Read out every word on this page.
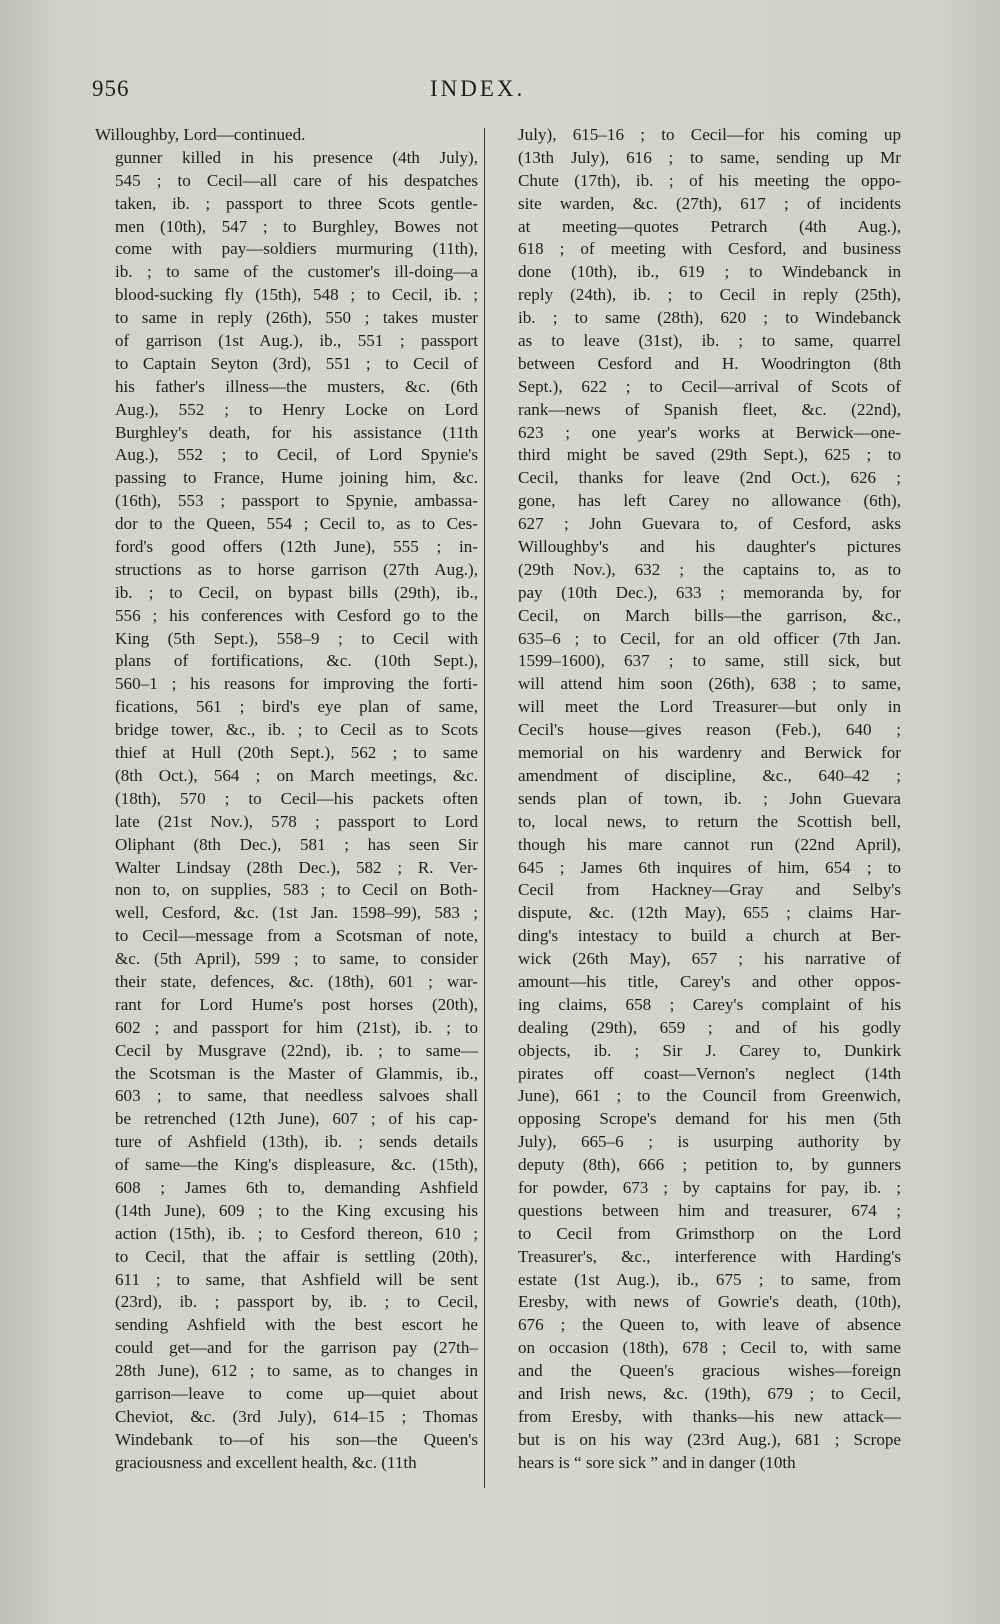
956	INDEX.
Willoughby, Lord—continued.
gunner killed in his presence (4th July),
545 ; to Cecil—all care of his despatches
taken, ib. ; passport to three Scots gentle-
men (10th), 547 ; to Burghley, Bowes not
come with pay—soldiers murmuring (11th),
ib. ; to same of the customer's ill-doing—a
blood-sucking fly (15th), 548 ; to Cecil, ib. ;
to same in reply (26th), 550 ; takes muster
of garrison (1st Aug.), ib., 551 ; passport
to Captain Seyton (3rd), 551 ; to Cecil of
his father's illness—the musters, &c. (6th
Aug.), 552 ; to Henry Locke on Lord
Burghley's death, for his assistance (11th
Aug.), 552 ; to Cecil, of Lord Spynie's
passing to France, Hume joining him, &c.
(16th), 553 ; passport to Spynie, ambassa-
dor to the Queen, 554 ; Cecil to, as to Ces-
ford's good offers (12th June), 555 ; in-
structions as to horse garrison (27th Aug.),
ib. ; to Cecil, on bypast bills (29th), ib.,
556 ; his conferences with Cesford go to the
King (5th Sept.), 558–9 ; to Cecil with
plans of fortifications, &c. (10th Sept.),
560–1 ; his reasons for improving the forti-
fications, 561 ; bird's eye plan of same,
bridge tower, &c., ib. ; to Cecil as to Scots
thief at Hull (20th Sept.), 562 ; to same
(8th Oct.), 564 ; on March meetings, &c.
(18th), 570 ; to Cecil—his packets often
late (21st Nov.), 578 ; passport to Lord
Oliphant (8th Dec.), 581 ; has seen Sir
Walter Lindsay (28th Dec.), 582 ; R. Ver-
non to, on supplies, 583 ; to Cecil on Both-
well, Cesford, &c. (1st Jan. 1598–99), 583 ;
to Cecil—message from a Scotsman of note,
&c. (5th April), 599 ; to same, to consider
their state, defences, &c. (18th), 601 ; war-
rant for Lord Hume's post horses (20th),
602 ; and passport for him (21st), ib. ; to
Cecil by Musgrave (22nd), ib. ; to same—
the Scotsman is the Master of Glammis, ib.,
603 ; to same, that needless salvoes shall
be retrenched (12th June), 607 ; of his cap-
ture of Ashfield (13th), ib. ; sends details
of same—the King's displeasure, &c. (15th),
608 ; James 6th to, demanding Ashfield
(14th June), 609 ; to the King excusing his
action (15th), ib. ; to Cesford thereon, 610 ;
to Cecil, that the affair is settling (20th),
611 ; to same, that Ashfield will be sent
(23rd), ib. ; passport by, ib. ; to Cecil,
sending Ashfield with the best escort he
could get—and for the garrison pay (27th–
28th June), 612 ; to same, as to changes in
garrison—leave to come up—quiet about
Cheviot, &c. (3rd July), 614–15 ; Thomas
Windebank to—of his son—the Queen's
graciousness and excellent health, &c. (11th
July), 615–16 ; to Cecil—for his coming up
(13th July), 616 ; to same, sending up Mr
Chute (17th), ib. ; of his meeting the oppo-
site warden, &c. (27th), 617 ; of incidents
at meeting—quotes Petrarch (4th Aug.),
618 ; of meeting with Cesford, and business
done (10th), ib., 619 ; to Windebanck in
reply (24th), ib. ; to Cecil in reply (25th),
ib. ; to same (28th), 620 ; to Windebanck
as to leave (31st), ib. ; to same, quarrel
between Cesford and H. Woodrington (8th
Sept.), 622 ; to Cecil—arrival of Scots of
rank—news of Spanish fleet, &c. (22nd),
623 ; one year's works at Berwick—one-
third might be saved (29th Sept.), 625 ; to
Cecil, thanks for leave (2nd Oct.), 626 ;
gone, has left Carey no allowance (6th),
627 ; John Guevara to, of Cesford, asks
Willoughby's and his daughter's pictures
(29th Nov.), 632 ; the captains to, as to
pay (10th Dec.), 633 ; memoranda by, for
Cecil, on March bills—the garrison, &c.,
635–6 ; to Cecil, for an old officer (7th Jan.
1599–1600), 637 ; to same, still sick, but
will attend him soon (26th), 638 ; to same,
will meet the Lord Treasurer—but only in
Cecil's house—gives reason (Feb.), 640 ;
memorial on his wardenry and Berwick for
amendment of discipline, &c., 640–42 ;
sends plan of town, ib. ; John Guevara
to, local news, to return the Scottish bell,
though his mare cannot run (22nd April),
645 ; James 6th inquires of him, 654 ; to
Cecil from Hackney—Gray and Selby's
dispute, &c. (12th May), 655 ; claims Har-
ding's intestacy to build a church at Ber-
wick (26th May), 657 ; his narrative of
amount—his title, Carey's and other oppos-
ing claims, 658 ; Carey's complaint of his
dealing (29th), 659 ; and of his godly
objects, ib. ; Sir J. Carey to, Dunkirk
pirates off coast—Vernon's neglect (14th
June), 661 ; to the Council from Greenwich,
opposing Scrope's demand for his men (5th
July), 665–6 ; is usurping authority by
deputy (8th), 666 ; petition to, by gunners
for powder, 673 ; by captains for pay, ib. ;
questions between him and treasurer, 674 ;
to Cecil from Grimsthorp on the Lord
Treasurer's, &c., interference with Harding's
estate (1st Aug.), ib., 675 ; to same, from
Eresby, with news of Gowrie's death, (10th),
676 ; the Queen to, with leave of absence
on occasion (18th), 678 ; Cecil to, with same
and the Queen's gracious wishes—foreign
and Irish news, &c. (19th), 679 ; to Cecil,
from Eresby, with thanks—his new attack—
but is on his way (23rd Aug.), 681 ; Scrope
hears is “ sore sick ” and in danger (10th
